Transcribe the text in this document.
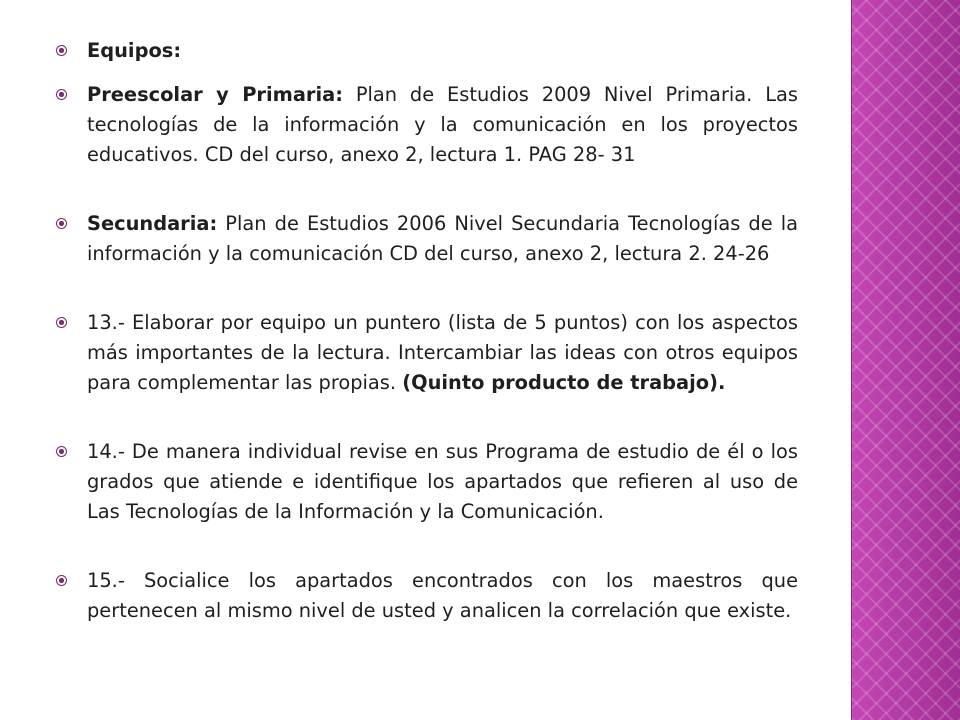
Equipos:
Preescolar y Primaria: Plan de Estudios 2009 Nivel Primaria. Las tecnologías de la información y la comunicación en los proyectos educativos. CD del curso, anexo 2, lectura 1. PAG 28- 31
Secundaria: Plan de Estudios 2006 Nivel Secundaria Tecnologías de la información y la comunicación CD del curso, anexo 2, lectura 2. 24-26
13.- Elaborar por equipo un puntero (lista de 5 puntos) con los aspectos más importantes de la lectura. Intercambiar las ideas con otros equipos para complementar las propias. (Quinto producto de trabajo).
14.- De manera individual revise en sus Programa de estudio de él o los grados que atiende e identifique los apartados que refieren al uso de Las Tecnologías de la Información y la Comunicación.
15.- Socialice los apartados encontrados con los maestros que pertenecen al mismo nivel de usted y analicen la correlación que existe.
